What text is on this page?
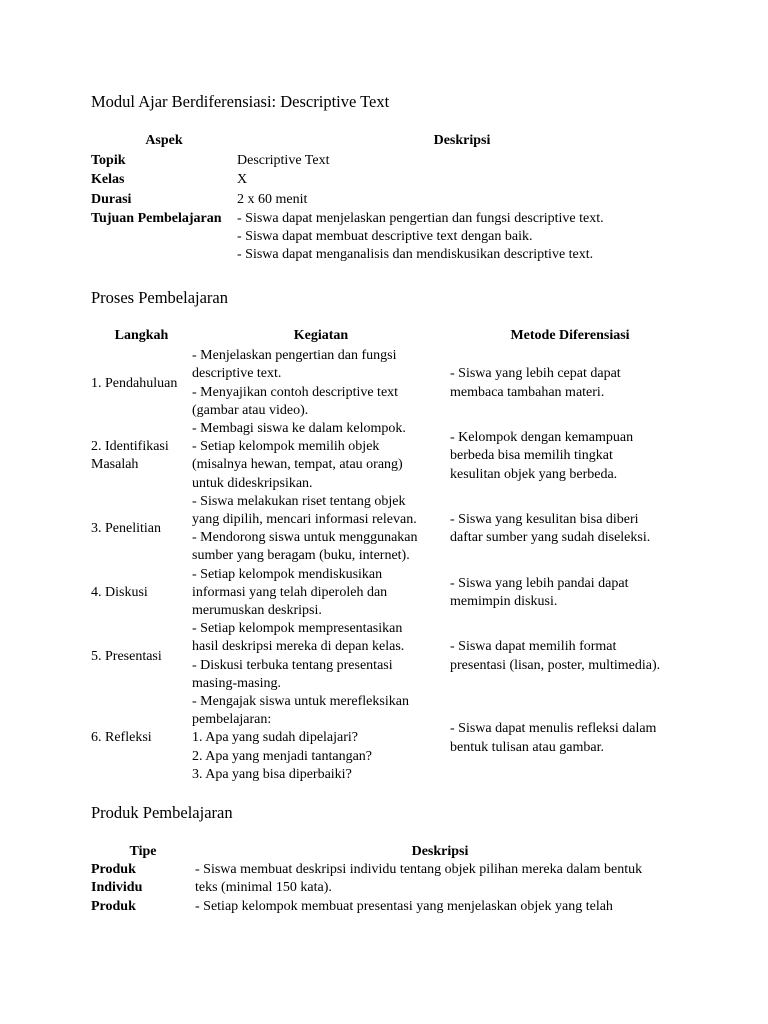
Modul Ajar Berdiferensiasi: Descriptive Text
Aspek	Deskripsi
Topik	Descriptive Text

Kelas	X

Durasi	2 x 60 menit

Tujuan Pembelajaran	- Siswa dapat menjelaskan pengertian dan fungsi descriptive text.
- Siswa dapat membuat descriptive text dengan baik.
- Siswa dapat menganalisis dan mendiskusikan descriptive text.
Proses Pembelajaran
Langkah	Kegiatan	Metode Diferensiasi

1. Pendahuluan	- Menjelaskan pengertian dan fungsi
descriptive text.
- Menyajikan contoh descriptive text
(gambar atau video).	- Siswa yang lebih cepat dapat
membaca tambahan materi.

2. Identifikasi
Masalah	- Membagi siswa ke dalam kelompok.
- Setiap kelompok memilih objek
(misalnya hewan, tempat, atau orang)
untuk dideskripsikan.	- Kelompok dengan kemampuan
berbeda bisa memilih tingkat
kesulitan objek yang berbeda.

3. Penelitian	- Siswa melakukan riset tentang objek
yang dipilih, mencari informasi relevan.
- Mendorong siswa untuk menggunakan
sumber yang beragam (buku, internet).	- Siswa yang kesulitan bisa diberi
daftar sumber yang sudah diseleksi.

4. Diskusi	- Setiap kelompok mendiskusikan
informasi yang telah diperoleh dan
merumuskan deskripsi.	- Siswa yang lebih pandai dapat
memimpin diskusi.

5. Presentasi	- Setiap kelompok mempresentasikan
hasil deskripsi mereka di depan kelas.
- Diskusi terbuka tentang presentasi
masing-masing.	- Siswa dapat memilih format
presentasi (lisan, poster, multimedia).

6. Refleksi	- Mengajak siswa untuk merefleksikan
pembelajaran:
1. Apa yang sudah dipelajari?
2. Apa yang menjadi tantangan?
3. Apa yang bisa diperbaiki?	- Siswa dapat menulis refleksi dalam
bentuk tulisan atau gambar.
Produk Pembelajaran
Tipe	Deskripsi

Produk
Individu	- Siswa membuat deskripsi individu tentang objek pilihan mereka dalam bentuk
teks (minimal 150 kata).

Produk	- Setiap kelompok membuat presentasi yang menjelaskan objek yang telah
